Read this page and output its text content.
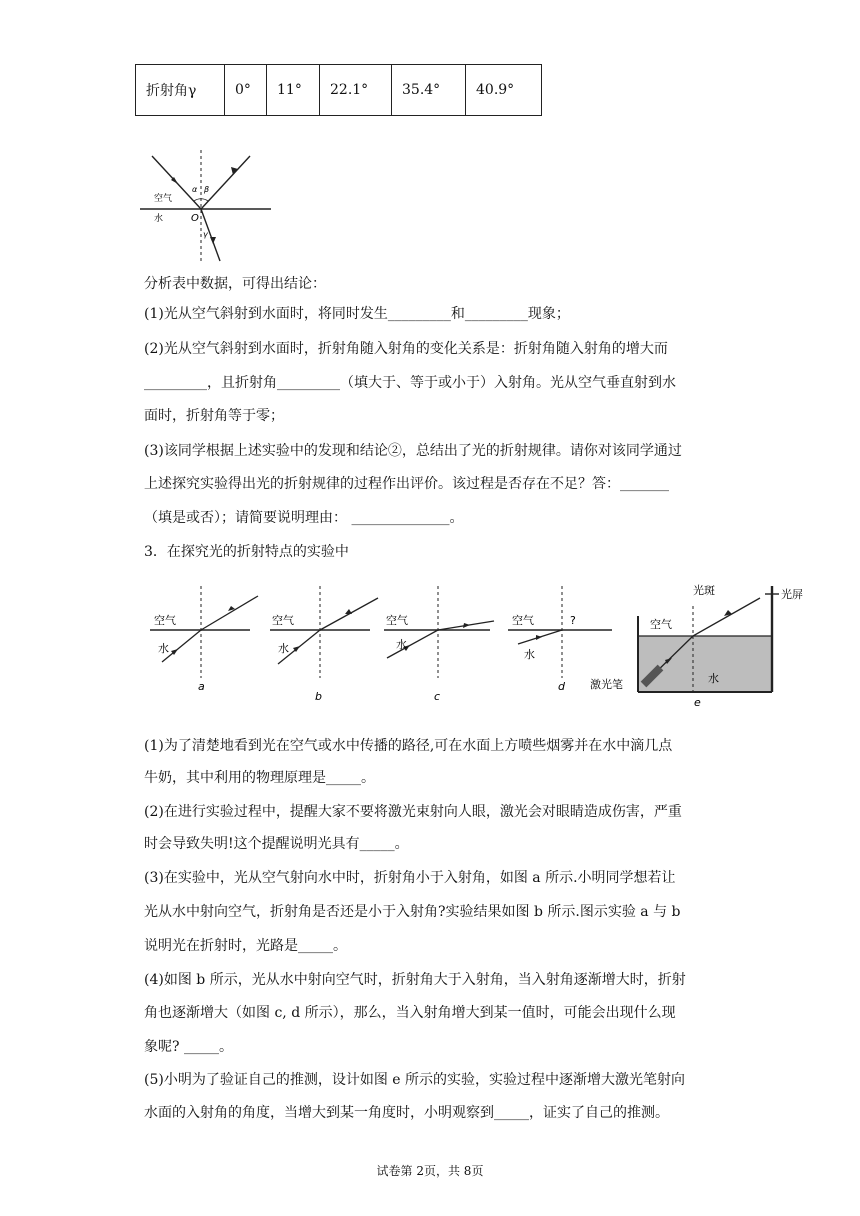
折射角γ	0°	11°	22.1°	35.4°	40.9°
空气
水	O
α β
γ
分析表中数据，可得出结论：
(1)光从空气斜射到水面时，将同时发生_________和_________现象；
(2)光从空气斜射到水面时，折射角随入射角的变化关系是：折射角随入射角的增大而
_________，且折射角_________（填大于、等于或小于）入射角。光从空气垂直射到水
面时，折射角等于零；
(3)该同学根据上述实验中的发现和结论②，总结出了光的折射规律。请你对该同学通过
上述探究实验得出光的折射规律的过程作出评价。该过程是否存在不足？答：_______
（填是或否）；请简要说明理由： ______________。
3．在探究光的折射特点的实验中
空气
水
a
空气
水
b
空气
水
c
空气
水
?
d
空气
水
光斑	光屏
激光笔
e
(1)为了清楚地看到光在空气或水中传播的路径,可在水面上方喷些烟雾并在水中滴几点
牛奶，其中利用的物理原理是_____。
(2)在进行实验过程中，提醒大家不要将激光束射向人眼，激光会对眼睛造成伤害，严重
时会导致失明!这个提醒说明光具有_____。
(3)在实验中，光从空气射向水中时，折射角小于入射角，如图 a 所示.小明同学想若让
光从水中射向空气，折射角是否还是小于入射角?实验结果如图 b 所示.图示实验 a 与 b
说明光在折射时，光路是_____。
(4)如图 b 所示，光从水中射向空气时，折射角大于入射角，当入射角逐渐增大时，折射
角也逐渐增大（如图 c, d 所示），那么，当入射角增大到某一值时，可能会出现什么现
象呢? _____。
(5)小明为了验证自己的推测，设计如图 e 所示的实验，实验过程中逐渐增大激光笔射向
水面的入射角的角度，当增大到某一角度时，小明观察到_____，证实了自己的推测。
试卷第 2页，共 8页
